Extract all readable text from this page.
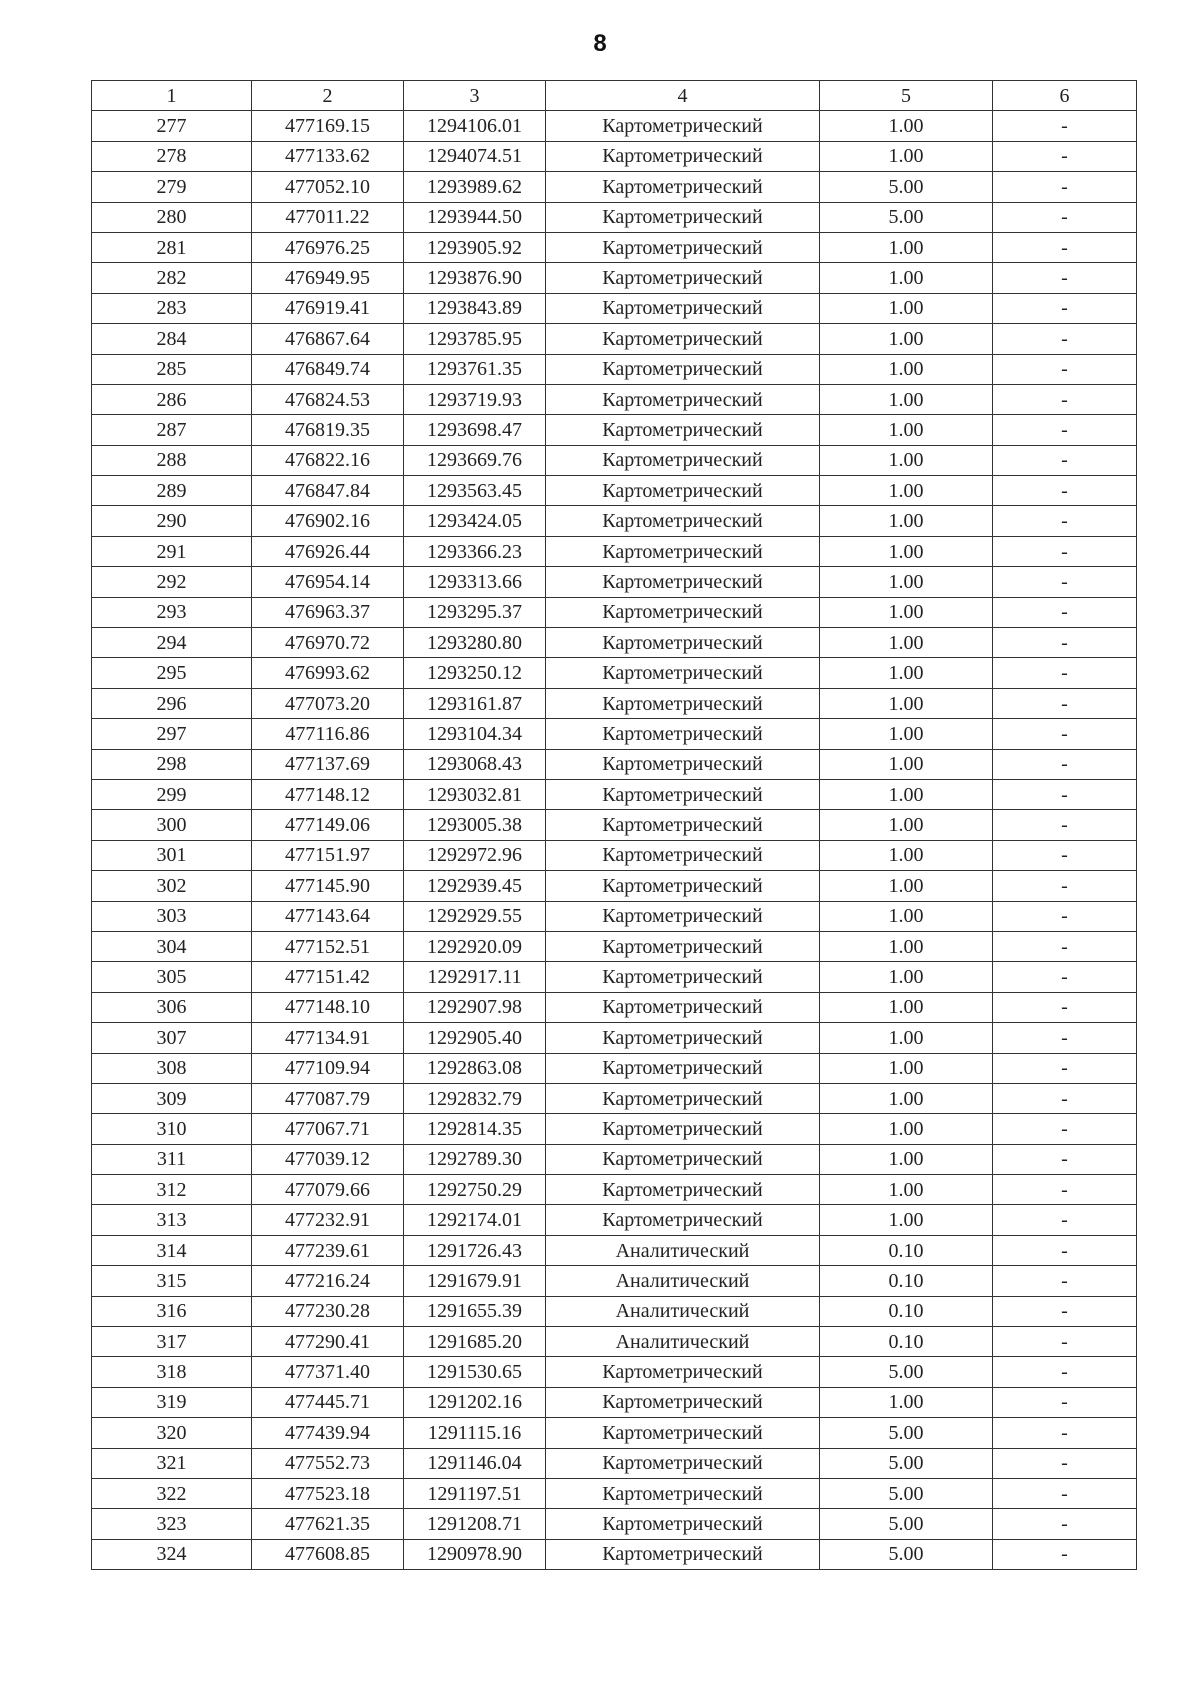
8
1	2	3	4	5	6
277	477169.15	1294106.01	Картометрический	1.00	-
278	477133.62	1294074.51	Картометрический	1.00	-
279	477052.10	1293989.62	Картометрический	5.00	-
280	477011.22	1293944.50	Картометрический	5.00	-
281	476976.25	1293905.92	Картометрический	1.00	-
282	476949.95	1293876.90	Картометрический	1.00	-
283	476919.41	1293843.89	Картометрический	1.00	-
284	476867.64	1293785.95	Картометрический	1.00	-
285	476849.74	1293761.35	Картометрический	1.00	-
286	476824.53	1293719.93	Картометрический	1.00	-
287	476819.35	1293698.47	Картометрический	1.00	-
288	476822.16	1293669.76	Картометрический	1.00	-
289	476847.84	1293563.45	Картометрический	1.00	-
290	476902.16	1293424.05	Картометрический	1.00	-
291	476926.44	1293366.23	Картометрический	1.00	-
292	476954.14	1293313.66	Картометрический	1.00	-
293	476963.37	1293295.37	Картометрический	1.00	-
294	476970.72	1293280.80	Картометрический	1.00	-
295	476993.62	1293250.12	Картометрический	1.00	-
296	477073.20	1293161.87	Картометрический	1.00	-
297	477116.86	1293104.34	Картометрический	1.00	-
298	477137.69	1293068.43	Картометрический	1.00	-
299	477148.12	1293032.81	Картометрический	1.00	-
300	477149.06	1293005.38	Картометрический	1.00	-
301	477151.97	1292972.96	Картометрический	1.00	-
302	477145.90	1292939.45	Картометрический	1.00	-
303	477143.64	1292929.55	Картометрический	1.00	-
304	477152.51	1292920.09	Картометрический	1.00	-
305	477151.42	1292917.11	Картометрический	1.00	-
306	477148.10	1292907.98	Картометрический	1.00	-
307	477134.91	1292905.40	Картометрический	1.00	-
308	477109.94	1292863.08	Картометрический	1.00	-
309	477087.79	1292832.79	Картометрический	1.00	-
310	477067.71	1292814.35	Картометрический	1.00	-
311	477039.12	1292789.30	Картометрический	1.00	-
312	477079.66	1292750.29	Картометрический	1.00	-
313	477232.91	1292174.01	Картометрический	1.00	-
314	477239.61	1291726.43	Аналитический	0.10	-
315	477216.24	1291679.91	Аналитический	0.10	-
316	477230.28	1291655.39	Аналитический	0.10	-
317	477290.41	1291685.20	Аналитический	0.10	-
318	477371.40	1291530.65	Картометрический	5.00	-
319	477445.71	1291202.16	Картометрический	1.00	-
320	477439.94	1291115.16	Картометрический	5.00	-
321	477552.73	1291146.04	Картометрический	5.00	-
322	477523.18	1291197.51	Картометрический	5.00	-
323	477621.35	1291208.71	Картометрический	5.00	-
324	477608.85	1290978.90	Картометрический	5.00	-
